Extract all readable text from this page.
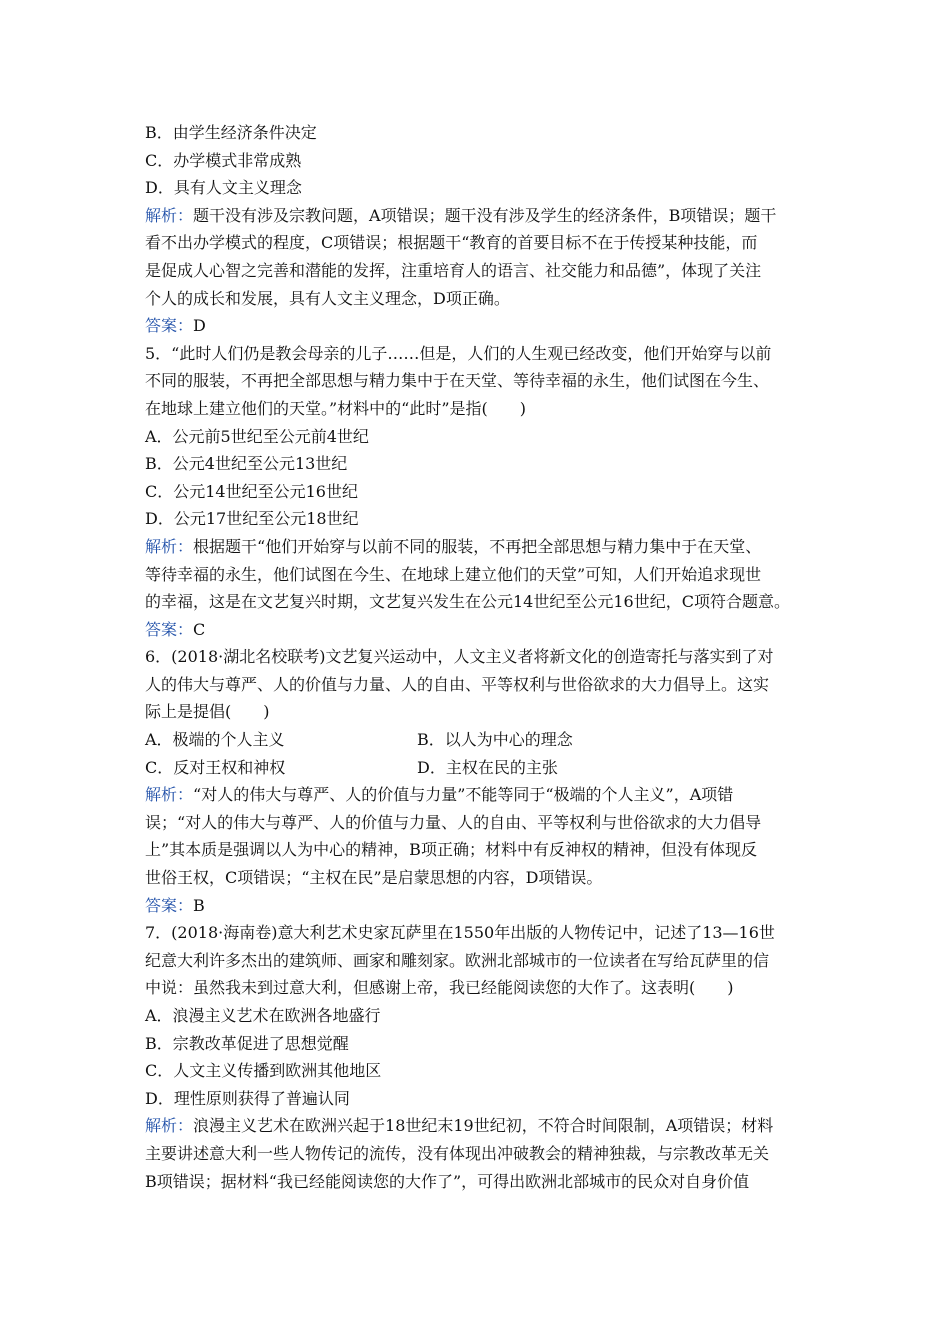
B．由学生经济条件决定
C．办学模式非常成熟
D．具有人文主义理念
解析：题干没有涉及宗教问题，A项错误；题干没有涉及学生的经济条件，B项错误；题干
看不出办学模式的程度，C项错误；根据题干“教育的首要目标不在于传授某种技能，而
是促成人心智之完善和潜能的发挥，注重培育人的语言、社交能力和品德”，体现了关注
个人的成长和发展，具有人文主义理念，D项正确。
答案：D
5．“此时人们仍是教会母亲的儿子……但是，人们的人生观已经改变，他们开始穿与以前
不同的服装，不再把全部思想与精力集中于在天堂、等待幸福的永生，他们试图在今生、
在地球上建立他们的天堂。”材料中的“此时”是指(　　)
A．公元前5世纪至公元前4世纪
B．公元4世纪至公元13世纪
C．公元14世纪至公元16世纪
D．公元17世纪至公元18世纪
解析：根据题干“他们开始穿与以前不同的服装，不再把全部思想与精力集中于在天堂、
等待幸福的永生，他们试图在今生、在地球上建立他们的天堂”可知，人们开始追求现世
的幸福，这是在文艺复兴时期，文艺复兴发生在公元14世纪至公元16世纪，C项符合题意。
答案：C
6．(2018·湖北名校联考)文艺复兴运动中，人文主义者将新文化的创造寄托与落实到了对
人的伟大与尊严、人的价值与力量、人的自由、平等权利与世俗欲求的大力倡导上。这实
际上是提倡(　　)
A．极端的个人主义	B．以人为中心的理念
C．反对王权和神权	D．主权在民的主张
解析：“对人的伟大与尊严、人的价值与力量”不能等同于“极端的个人主义”，A项错
误；“对人的伟大与尊严、人的价值与力量、人的自由、平等权利与世俗欲求的大力倡导
上”其本质是强调以人为中心的精神，B项正确；材料中有反神权的精神，但没有体现反
世俗王权，C项错误；“主权在民”是启蒙思想的内容，D项错误。
答案：B
7．(2018·海南卷)意大利艺术史家瓦萨里在1550年出版的人物传记中，记述了13—16世
纪意大利许多杰出的建筑师、画家和雕刻家。欧洲北部城市的一位读者在写给瓦萨里的信
中说：虽然我未到过意大利，但感谢上帝，我已经能阅读您的大作了。这表明(　　)
A．浪漫主义艺术在欧洲各地盛行
B．宗教改革促进了思想觉醒
C．人文主义传播到欧洲其他地区
D．理性原则获得了普遍认同
解析：浪漫主义艺术在欧洲兴起于18世纪末19世纪初，不符合时间限制，A项错误；材料
主要讲述意大利一些人物传记的流传，没有体现出冲破教会的精神独裁，与宗教改革无关
B项错误；据材料“我已经能阅读您的大作了”，可得出欧洲北部城市的民众对自身价值
